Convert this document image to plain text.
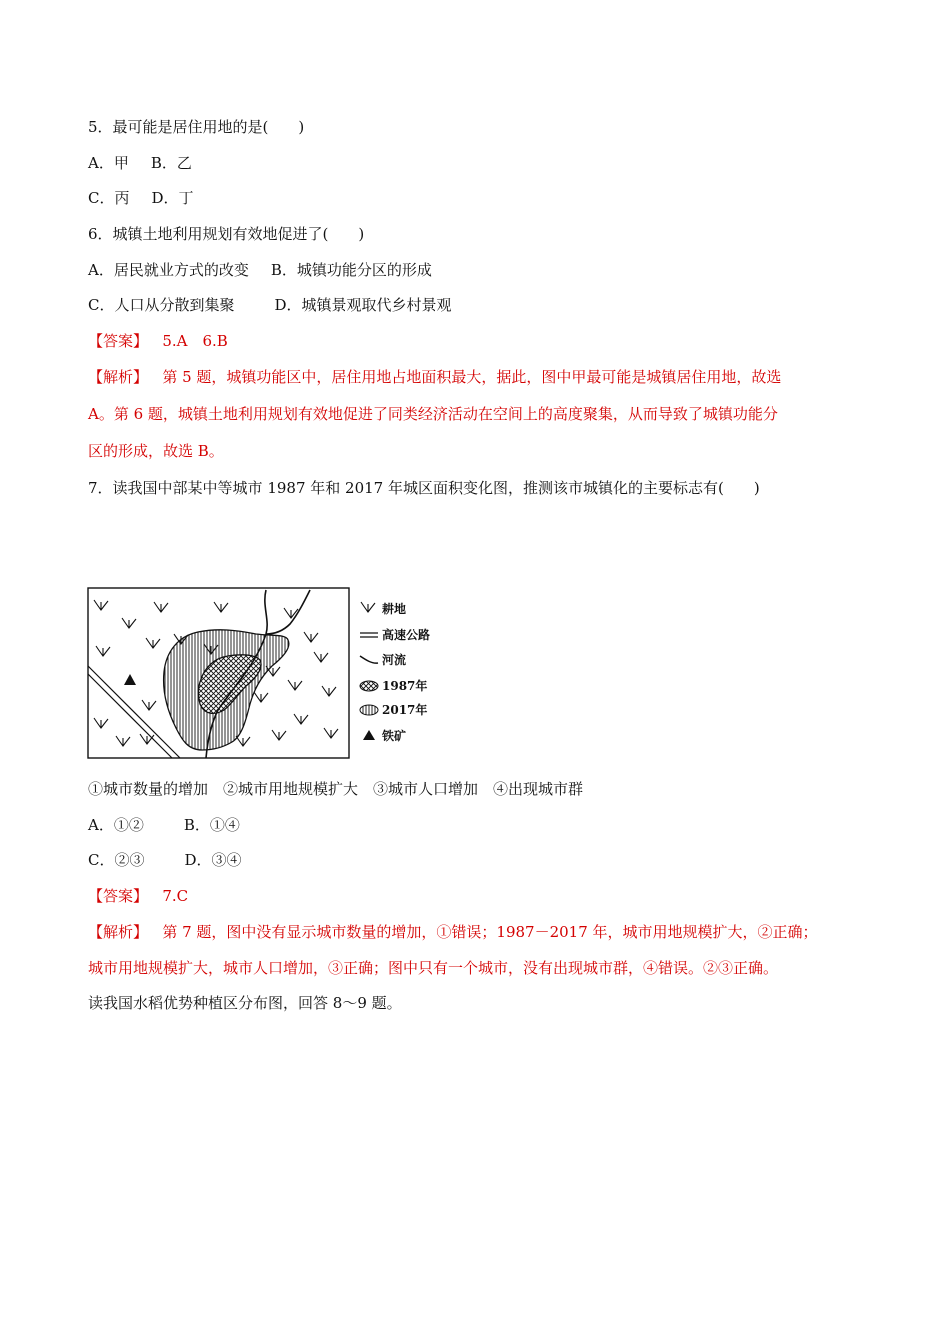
5．最可能是居住用地的是(　　)
A．甲 B．乙
C．丙 D．丁
6．城镇土地利用规划有效地促进了(　　)
A．居民就业方式的改变 B．城镇功能分区的形成
C．人口从分散到集聚	D．城镇景观取代乡村景观
【答案】 5.A　6.B
【解析】 第 5 题，城镇功能区中，居住用地占地面积最大，据此，图中甲最可能是城镇居住用地，故选
A。第 6 题，城镇土地利用规划有效地促进了同类经济活动在空间上的高度聚集，从而导致了城镇功能分
区的形成，故选 B。
7．读我国中部某中等城市 1987 年和 2017 年城区面积变化图，推测该市城镇化的主要标志有(　　)
耕地
高速公路
河流
1987年
2017年
铁矿
①城市数量的增加　②城市用地规模扩大　③城市人口增加　④出现城市群
A．①②	B．①④
C．②③	D．③④
【答案】 7.C
【解析】 第 7 题，图中没有显示城市数量的增加，①错误；1987－2017 年，城市用地规模扩大，②正确；
城市用地规模扩大，城市人口增加，③正确；图中只有一个城市，没有出现城市群，④错误。②③正确。
读我国水稻优势种植区分布图，回答 8～9 题。
